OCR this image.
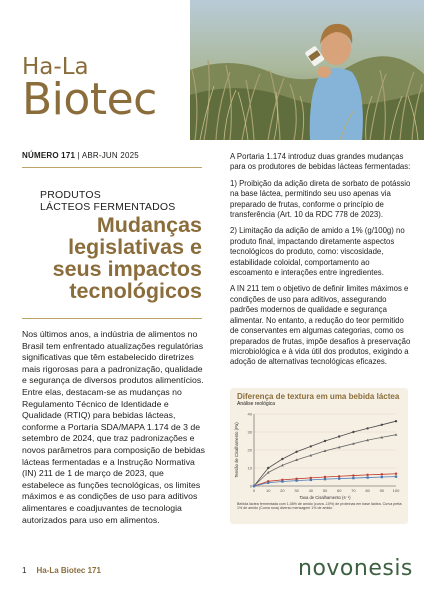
Ha-La
Biotec
NÚMERO 171 | ABR-JUN 2025
PRODUTOS
LÁCTEOS FERMENTADOS
Mudanças legislativas e seus impactos tecnológicos
Nos últimos anos, a indústria de alimentos no Brasil tem enfrentado atualizações regulatórias significativas que têm estabelecido diretrizes mais rigorosas para a padronização, qualidade e segurança de diversos produtos alimentícios. Entre elas, destacam-se as mudanças no Regulamento Técnico de Identidade e Qualidade (RTIQ) para bebidas lácteas, conforme a Portaria SDA/MAPA 1.174 de 3 de setembro de 2024, que traz padronizações e novos parâmetros para composição de bebidas lácteas fermentadas e a Instrução Normativa (IN) 211 de 1 de março de 2023, que estabelece as funções tecnológicas, os limites máximos e as condições de uso para aditivos alimentares e coadjuvantes de tecnologia autorizados para uso em alimentos.

A Portaria 1.174 introduz duas grandes mudanças para os produtores de bebidas lácteas fermentadas:

1) Proibição da adição direta de sorbato de potássio na base láctea, permitindo seu uso apenas via preparado de frutas, conforme o princípio de transferência (Art. 10 da RDC 778 de 2023).

2) Limitação da adição de amido a 1% (g/100g) no produto final, impactando diretamente aspectos tecnológicos do produto, como: viscosidade, estabilidade coloidal, comportamento ao escoamento e interações entre ingredientes.

A IN 211 tem o objetivo de definir limites máximos e condições de uso para aditivos, assegurando padrões modernos de qualidade e segurança alimentar. No entanto, a redução do teor permitido de conservantes em algumas categorias, como os preparados de frutas, impõe desafios à preservação microbiológica e à vida útil dos produtos, exigindo a adoção de alternativas tecnológicas eficazes.

Diferença de textura em uma bebida láctea
Análise reológica
0
10
20
30
40
0	10 20 30 40 50 60 70 80 90 100
Taxa de Cisalhamento (s⁻¹)
Tensão de Cisalhamento (Pa)
Bebida láctea fermentada com 1,08% de amido (curva -10%) de proteínas em base láctea. Curva preta: 1% de amido (Curva roxa) diverso mensagem 1% de amido
1 Ha-La Biotec 171	novonesis
